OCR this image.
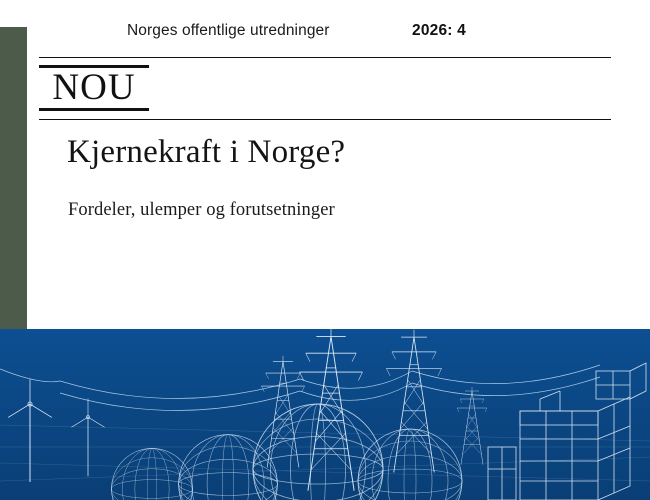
NOU
Norges offentlige utredninger	2026: 4
Kjernekraft i Norge?
Fordeler, ulemper og forutsetninger
